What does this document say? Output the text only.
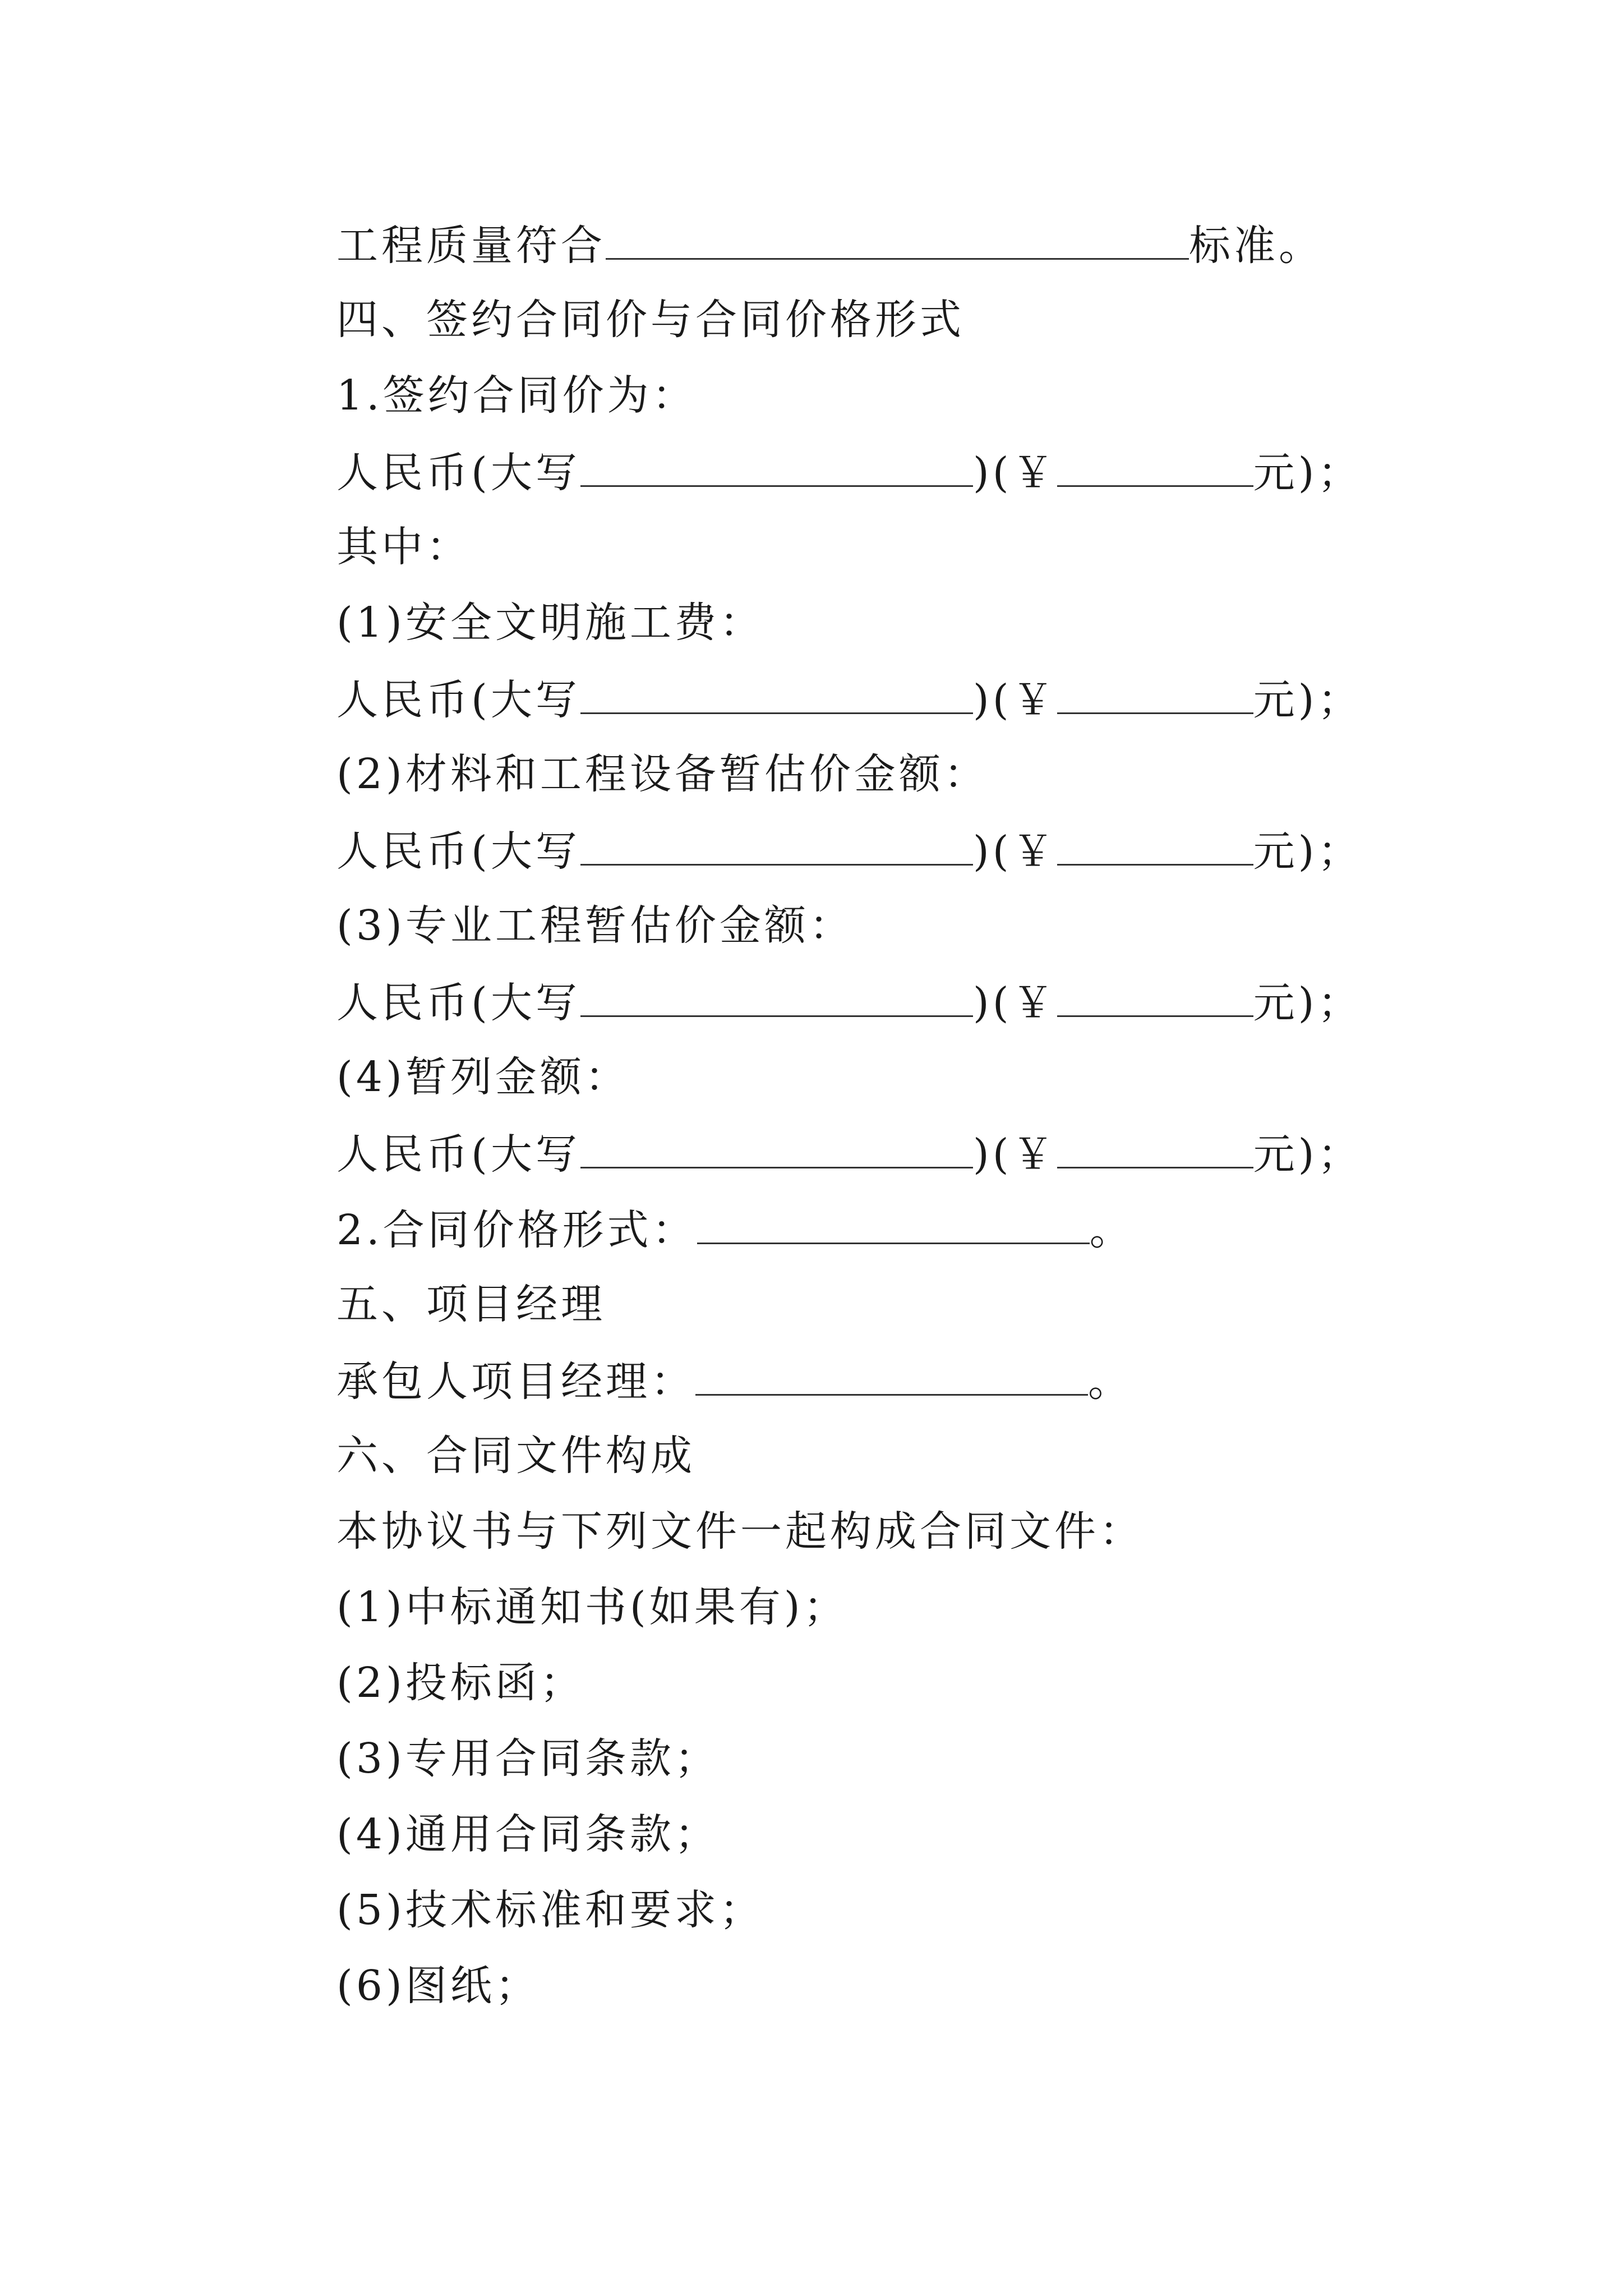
工程质量符合	标准。
四、签约合同价与合同价格形式
1.签约合同价为：
人民币(大写	)(￥	元)；
其中：
(1)安全文明施工费：
人民币(大写	)(￥	元)；
(2)材料和工程设备暂估价金额：
人民币(大写	)(￥	元)；
(3)专业工程暂估价金额：
人民币(大写	)(￥	元)；
(4)暂列金额：
人民币(大写	)(￥	元)；
2.合同价格形式：	。
五、项目经理
承包人项目经理：	。
六、合同文件构成
本协议书与下列文件一起构成合同文件：
(1)中标通知书(如果有)；
(2)投标函；
(3)专用合同条款；
(4)通用合同条款；
(5)技术标准和要求；
(6)图纸；
